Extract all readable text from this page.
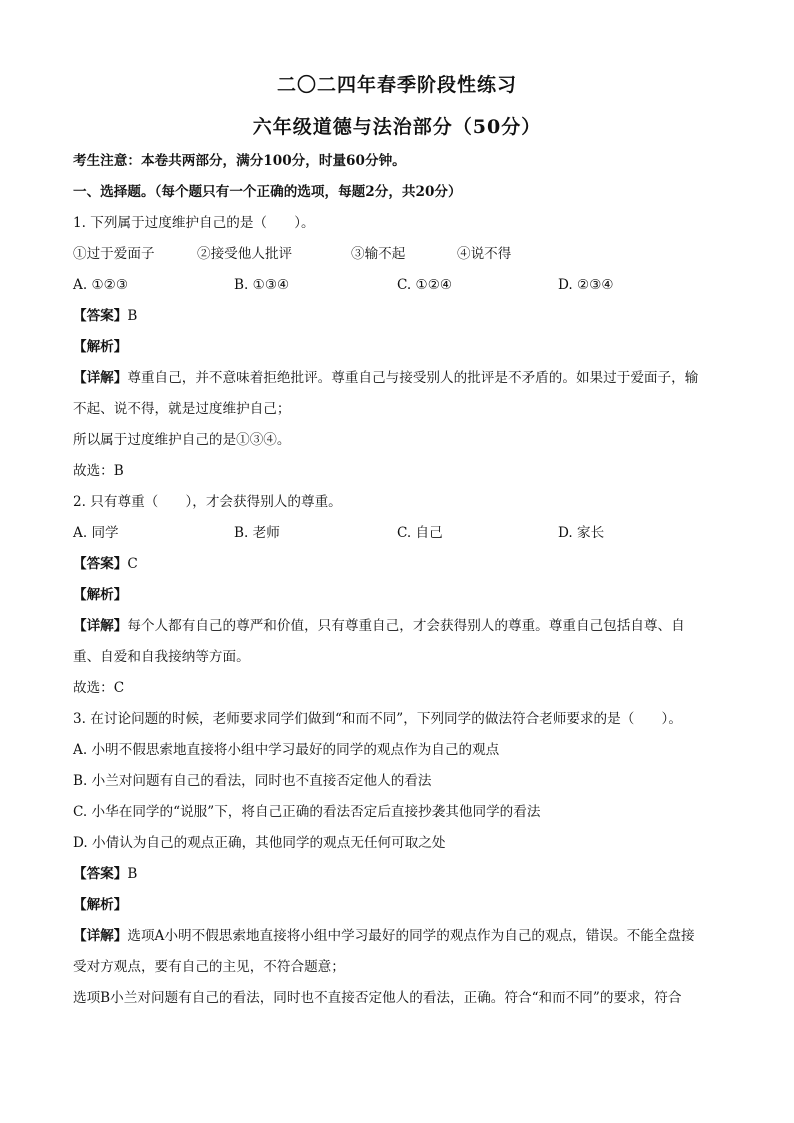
二〇二四年春季阶段性练习
六年级道德与法治部分（50分）
考生注意：本卷共两部分，满分100分，时量60分钟。
一、选择题。（每个题只有一个正确的选项，每题2分，共20分）
1. 下列属于过度维护自己的是（　　）。
①过于爱面子	②接受他人批评	③输不起	④说不得
A. ①②③	B. ①③④	C. ①②④	D. ②③④
【答案】B
【解析】
【详解】尊重自己，并不意味着拒绝批评。尊重自己与接受别人的批评是不矛盾的。如果过于爱面子，输
不起、说不得，就是过度维护自己；
所以属于过度维护自己的是①③④。
故选：B
2. 只有尊重（　　），才会获得别人的尊重。
A. 同学	B. 老师	C. 自己	D. 家长
【答案】C
【解析】
【详解】每个人都有自己的尊严和价值，只有尊重自己，才会获得别人的尊重。尊重自己包括自尊、自
重、自爱和自我接纳等方面。
故选：C
3. 在讨论问题的时候，老师要求同学们做到“和而不同”，下列同学的做法符合老师要求的是（　　）。
A. 小明不假思索地直接将小组中学习最好的同学的观点作为自己的观点
B. 小兰对问题有自己的看法，同时也不直接否定他人的看法
C. 小华在同学的“说服”下，将自己正确的看法否定后直接抄袭其他同学的看法
D. 小倩认为自己的观点正确，其他同学的观点无任何可取之处
【答案】B
【解析】
【详解】选项A小明不假思索地直接将小组中学习最好的同学的观点作为自己的观点，错误。不能全盘接
受对方观点，要有自己的主见，不符合题意；
选项B小兰对问题有自己的看法，同时也不直接否定他人的看法，正确。符合“和而不同”的要求，符合
